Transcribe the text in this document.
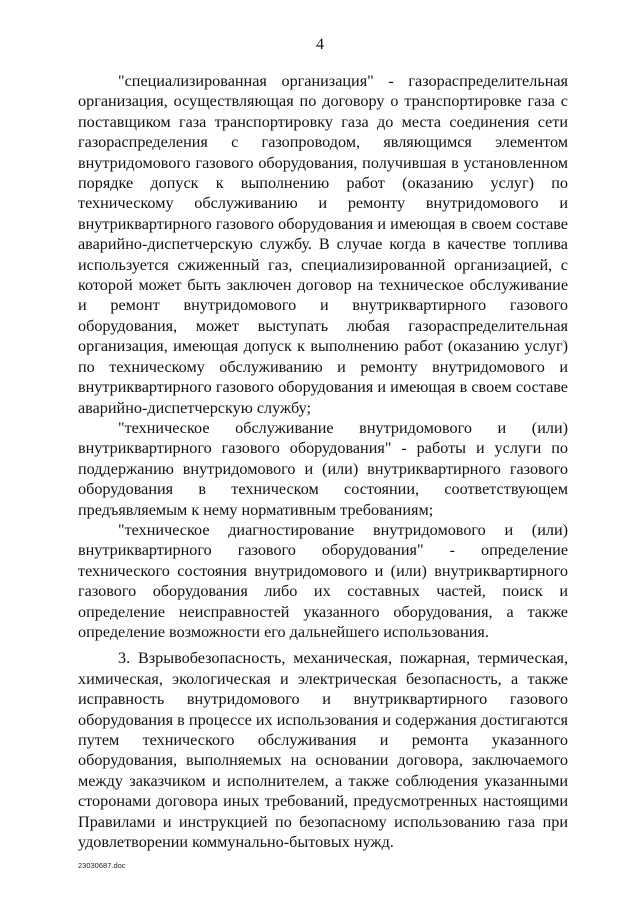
4

"специализированная организация" - газораспределительная организация, осуществляющая по договору о транспортировке газа с поставщиком газа транспортировку газа до места соединения сети газораспределения с газопроводом, являющимся элементом внутридомового газового оборудования, получившая в установленном порядке допуск к выполнению работ (оказанию услуг) по техническому обслуживанию и ремонту внутридомового и внутриквартирного газового оборудования и имеющая в своем составе аварийно-диспетчерскую службу. В случае когда в качестве топлива используется сжиженный газ, специализированной организацией, с которой может быть заключен договор на техническое обслуживание и ремонт внутридомового и внутриквартирного газового оборудования, может выступать любая газораспределительная организация, имеющая допуск к выполнению работ (оказанию услуг) по техническому обслуживанию и ремонту внутридомового и внутриквартирного газового оборудования и имеющая в своем составе аварийно-диспетчерскую службу;

"техническое обслуживание внутридомового и (или) внутриквартирного газового оборудования" - работы и услуги по поддержанию внутридомового и (или) внутриквартирного газового оборудования в техническом состоянии, соответствующем предъявляемым к нему нормативным требованиям;

"техническое диагностирование внутридомового и (или) внутриквартирного газового оборудования" - определение технического состояния внутридомового и (или) внутриквартирного газового оборудования либо их составных частей, поиск и определение неисправностей указанного оборудования, а также определение возможности его дальнейшего использования.

3. Взрывобезопасность, механическая, пожарная, термическая, химическая, экологическая и электрическая безопасность, а также исправность внутридомового и внутриквартирного газового оборудования в процессе их использования и содержания достигаются путем технического обслуживания и ремонта указанного оборудования, выполняемых на основании договора, заключаемого между заказчиком и исполнителем, а также соблюдения указанными сторонами договора иных требований, предусмотренных настоящими Правилами и инструкцией по безопасному использованию газа при удовлетворении коммунально-бытовых нужд.

23030687.doc
